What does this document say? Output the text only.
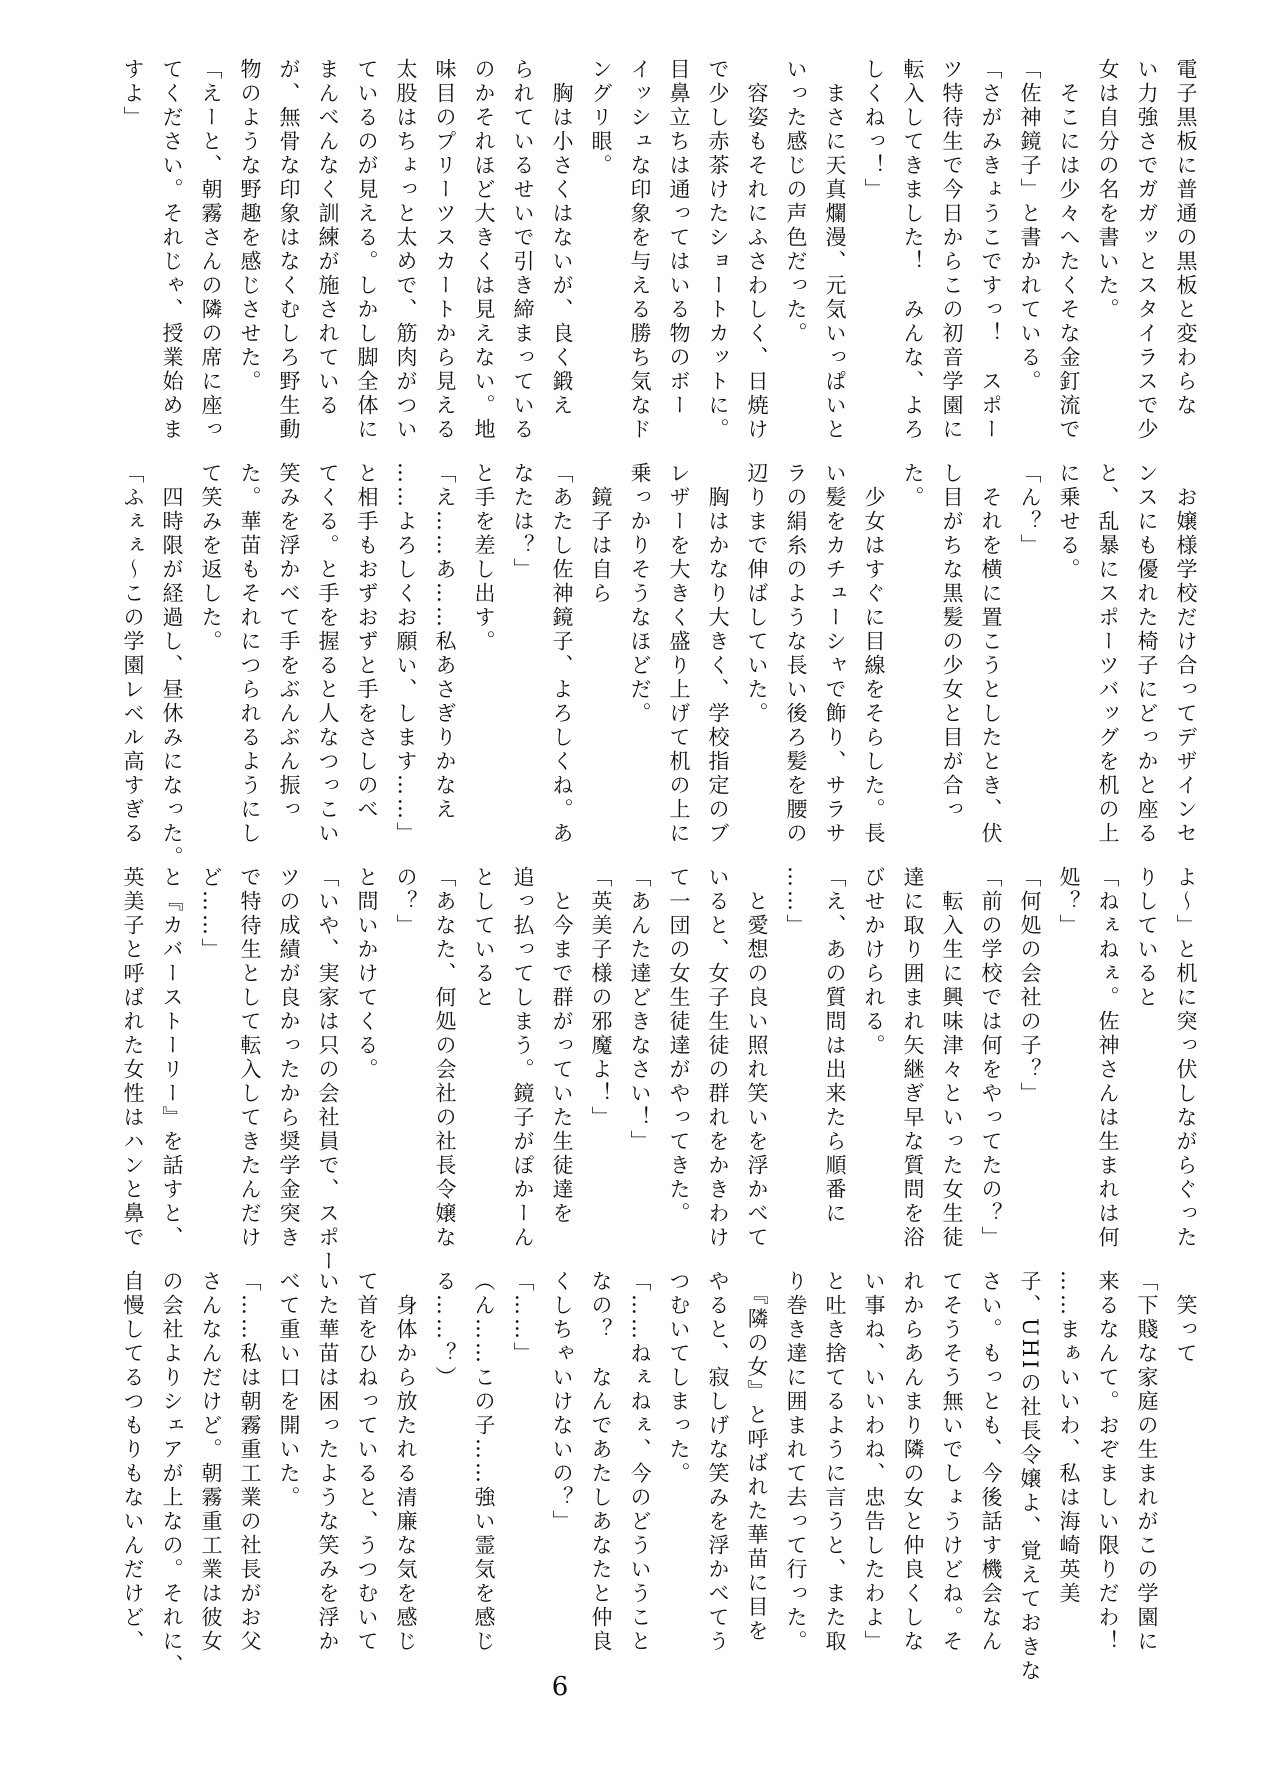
電子黒板に普通の黒板と変わらな

い力強さでガガッとスタイラスで少

女は自分の名を書いた。

　そこには少々へたくそな金釘流で

「佐神鏡子」と書かれている。

「さがみきょうこですっ！　スポー

ツ特待生で今日からこの初音学園に

転入してきました！　みんな、よろ

しくねっ！」

　まさに天真爛漫、元気いっぱいと

いった感じの声色だった。

　容姿もそれにふさわしく、日焼け

で少し赤茶けたショートカットに。

目鼻立ちは通ってはいる物のボー

イッシュな印象を与える勝ち気なド

ングリ眼。

　胸は小さくはないが、良く鍛え

られているせいで引き締まっている

のかそれほど大きくは見えない。地

味目のプリーツスカートから見える

太股はちょっと太めで、筋肉がつい

ているのが見える。しかし脚全体に

まんべんなく訓練が施されている

が、無骨な印象はなくむしろ野生動

物のような野趣を感じさせた。

「えーと、朝霧さんの隣の席に座っ

てください。それじゃ、授業始めま

すよ」

　お嬢様学校だけ合ってデザインセ

ンスにも優れた椅子にどっかと座る

と、乱暴にスポーツバッグを机の上

に乗せる。

「ん？」

　それを横に置こうとしたとき、伏

し目がちな黒髪の少女と目が合っ

た。

　少女はすぐに目線をそらした。長

い髪をカチューシャで飾り、サラサ

ラの絹糸のような長い後ろ髪を腰の

辺りまで伸ばしていた。

　胸はかなり大きく、学校指定のブ

レザーを大きく盛り上げて机の上に

乗っかりそうなほどだ。

　鏡子は自ら

「あたし佐神鏡子、よろしくね。あ

なたは？」

と手を差し出す。

「え……あ……私あさぎりかなえ

……よろしくお願い、します……」

と相手もおずおずと手をさしのべ

てくる。と手を握ると人なつっこい

笑みを浮かべて手をぶんぶん振っ

た。華苗もそれにつられるようにし

て笑みを返した。

　四時限が経過し、昼休みになった。

「ふぇぇ～この学園レベル高すぎる

よ～」と机に突っ伏しながらぐった

りしていると

「ねぇねぇ。佐神さんは生まれは何

処？」

「何処の会社の子？」

「前の学校では何をやってたの？」

　転入生に興味津々といった女生徒

達に取り囲まれ矢継ぎ早な質問を浴

びせかけられる。

「え、あの質問は出来たら順番に

……」

　と愛想の良い照れ笑いを浮かべて

いると、女子生徒の群れをかきわけ

て一団の女生徒達がやってきた。

「あんた達どきなさい！」

「英美子様の邪魔よ！」

　と今まで群がっていた生徒達を

追っ払ってしまう。鏡子がぽかーん

としていると

「あなた、何処の会社の社長令嬢な

の？」

と問いかけてくる。

「いや、実家は只の会社員で、スポー

ツの成績が良かったから奨学金突き

で特待生として転入してきたんだけ

ど……」

と『カバーストーリー』を話すと、

英美子と呼ばれた女性はハンと鼻で

　笑って

「下賤な家庭の生まれがこの学園に

来るなんて。おぞましい限りだわ！

……まぁいいわ、私は海崎英美

子、UHIの社長令嬢よ、覚えておきな

さい。もっとも、今後話す機会なん

てそうそう無いでしょうけどね。そ

れからあんまり隣の女と仲良くしな

い事ね、いいわね、忠告したわよ」

と吐き捨てるように言うと、また取

り巻き達に囲まれて去って行った。

　『隣の女』と呼ばれた華苗に目を

やると、寂しげな笑みを浮かべてう

つむいてしまった。

「……ねぇねぇ、今のどういうこと

なの？　なんであたしあなたと仲良

くしちゃいけないの？」

「……」

（ん……この子……強い霊気を感じ

る……？）

　身体から放たれる清廉な気を感じ

て首をひねっていると、うつむいて

いた華苗は困ったような笑みを浮か

べて重い口を開いた。

「……私は朝霧重工業の社長がお父

さんなんだけど。朝霧重工業は彼女

の会社よりシェアが上なの。それに、

自慢してるつもりもないんだけど、

6
